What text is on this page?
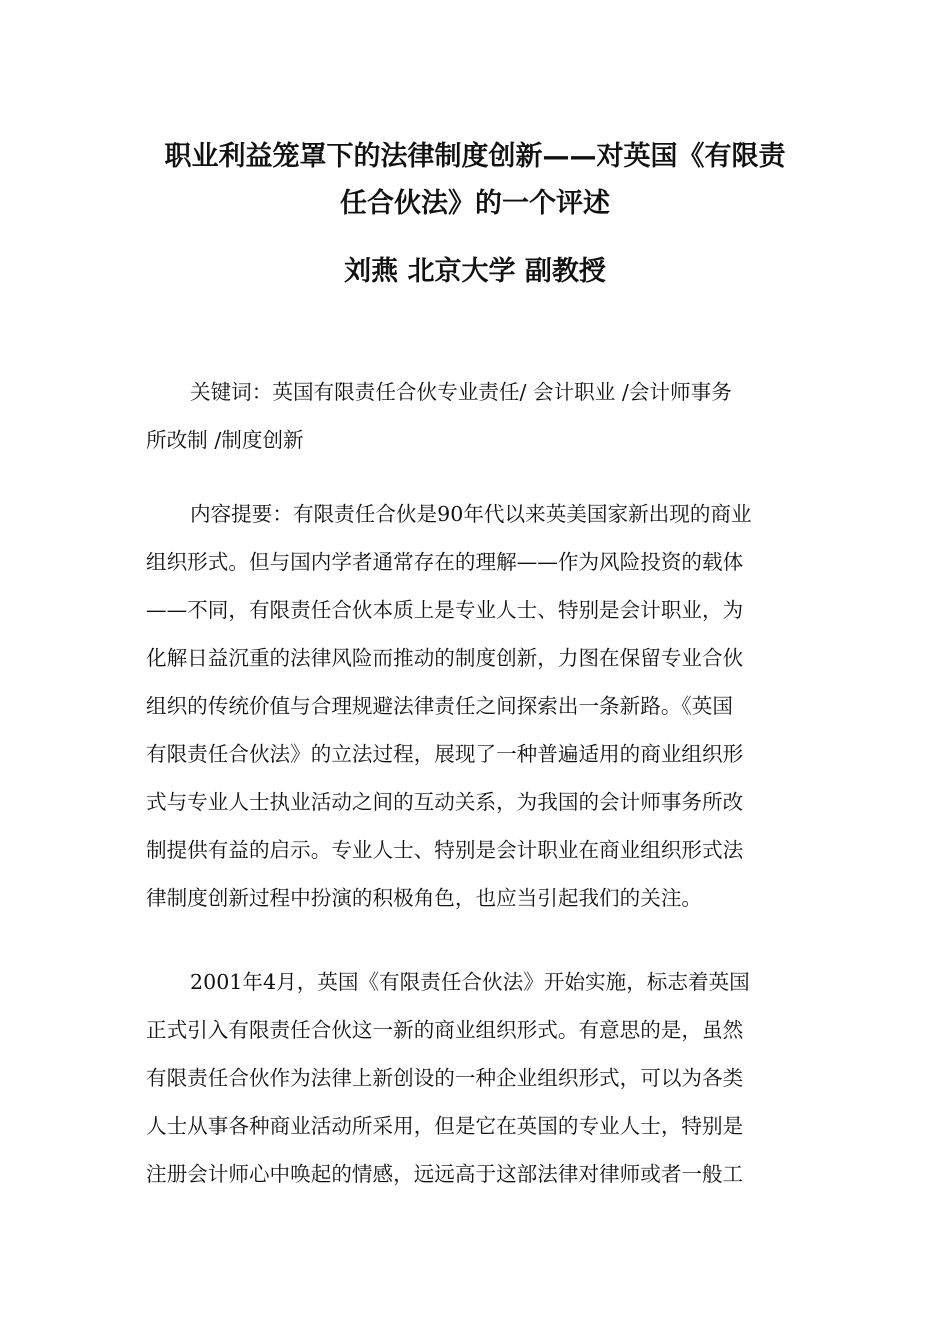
职业利益笼罩下的法律制度创新——对英国《有限责
任合伙法》的一个评述
刘燕 北京大学 副教授

关键词：英国有限责任合伙专业责任/ 会计职业 /会计师事务
所改制 /制度创新

内容提要：有限责任合伙是90年代以来英美国家新出现的商业
组织形式。但与国内学者通常存在的理解——作为风险投资的载体
——不同，有限责任合伙本质上是专业人士、特别是会计职业，为
化解日益沉重的法律风险而推动的制度创新，力图在保留专业合伙
组织的传统价值与合理规避法律责任之间探索出一条新路。《英国
有限责任合伙法》的立法过程，展现了一种普遍适用的商业组织形
式与专业人士执业活动之间的互动关系，为我国的会计师事务所改
制提供有益的启示。专业人士、特别是会计职业在商业组织形式法
律制度创新过程中扮演的积极角色，也应当引起我们的关注。

2001年4月，英国《有限责任合伙法》开始实施，标志着英国
正式引入有限责任合伙这一新的商业组织形式。有意思的是，虽然
有限责任合伙作为法律上新创设的一种企业组织形式，可以为各类
人士从事各种商业活动所采用，但是它在英国的专业人士，特别是
注册会计师心中唤起的情感，远远高于这部法律对律师或者一般工
